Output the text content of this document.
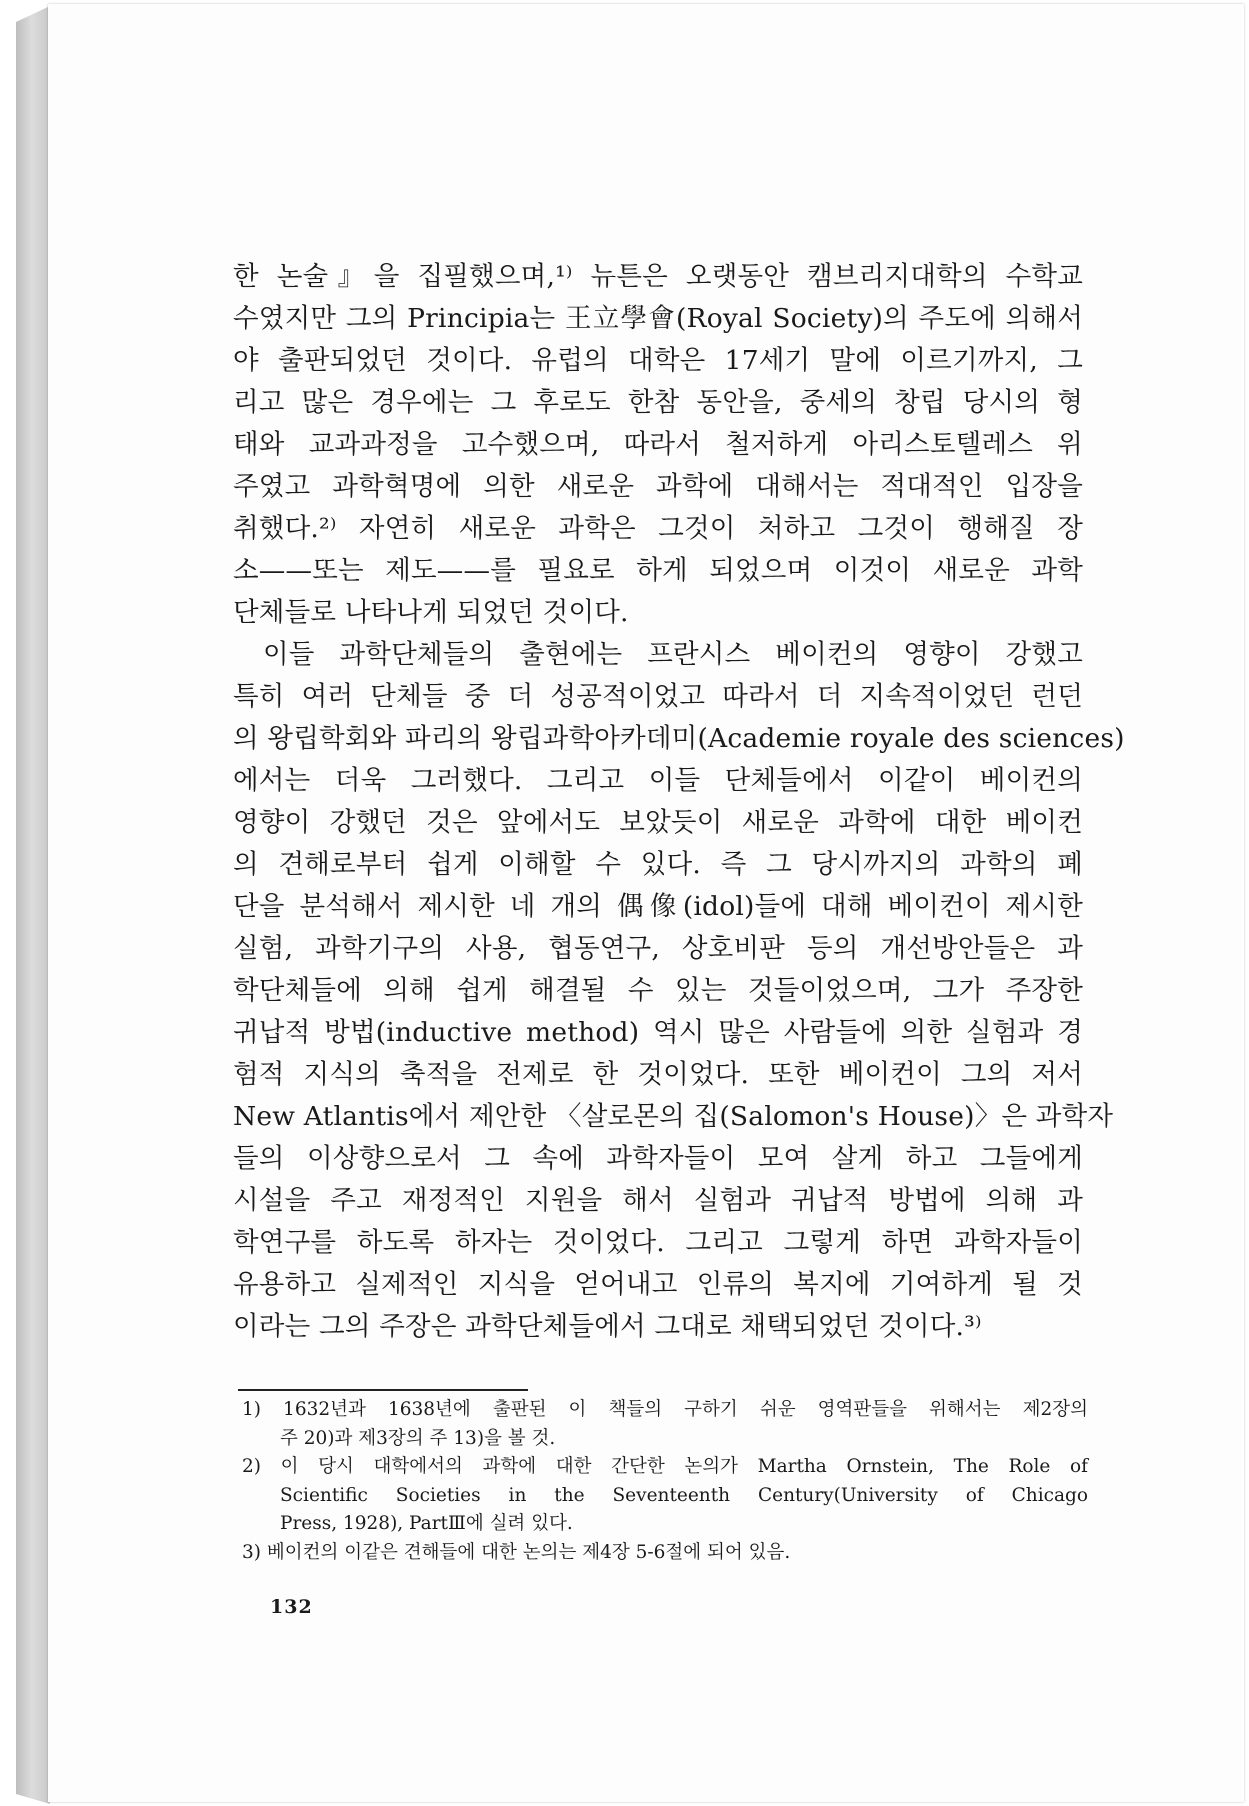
한 논술』을 집필했으며,¹⁾ 뉴튼은 오랫동안 캠브리지대학의 수학교
수였지만 그의 Principia는 王立學會(Royal Society)의 주도에 의해서
야 출판되었던 것이다. 유럽의 대학은 17세기 말에 이르기까지, 그
리고 많은 경우에는 그 후로도 한참 동안을, 중세의 창립 당시의 형
태와 교과과정을 고수했으며, 따라서 철저하게 아리스토텔레스 위
주였고 과학혁명에 의한 새로운 과학에 대해서는 적대적인 입장을
취했다.²⁾ 자연히 새로운 과학은 그것이 처하고 그것이 행해질 장
소——또는 제도——를 필요로 하게 되었으며 이것이 새로운 과학
단체들로 나타나게 되었던 것이다.
이들 과학단체들의 출현에는 프란시스 베이컨의 영향이 강했고
특히 여러 단체들 중 더 성공적이었고 따라서 더 지속적이었던 런던
의 왕립학회와 파리의 왕립과학아카데미(Academie royale des sciences)
에서는 더욱 그러했다. 그리고 이들 단체들에서 이같이 베이컨의
영향이 강했던 것은 앞에서도 보았듯이 새로운 과학에 대한 베이컨
의 견해로부터 쉽게 이해할 수 있다. 즉 그 당시까지의 과학의 폐
단을 분석해서 제시한 네 개의 偶像(idol)들에 대해 베이컨이 제시한
실험, 과학기구의 사용, 협동연구, 상호비판 등의 개선방안들은 과
학단체들에 의해 쉽게 해결될 수 있는 것들이었으며, 그가 주장한
귀납적 방법(inductive method) 역시 많은 사람들에 의한 실험과 경
험적 지식의 축적을 전제로 한 것이었다. 또한 베이컨이 그의 저서
New Atlantis에서 제안한 〈살로몬의 집(Salomon's House)〉은 과학자
들의 이상향으로서 그 속에 과학자들이 모여 살게 하고 그들에게
시설을 주고 재정적인 지원을 해서 실험과 귀납적 방법에 의해 과
학연구를 하도록 하자는 것이었다. 그리고 그렇게 하면 과학자들이
유용하고 실제적인 지식을 얻어내고 인류의 복지에 기여하게 될 것
이라는 그의 주장은 과학단체들에서 그대로 채택되었던 것이다.³⁾
1) 1632년과 1638년에 출판된 이 책들의 구하기 쉬운 영역판들을 위해서는 제2장의
주 20)과 제3장의 주 13)을 볼 것.
2) 이 당시 대학에서의 과학에 대한 간단한 논의가 Martha Ornstein, The Role of
Scientific Societies in the Seventeenth Century(University of Chicago
Press, 1928), PartⅢ에 실려 있다.
3) 베이컨의 이같은 견해들에 대한 논의는 제4장 5-6절에 되어 있음.
132
